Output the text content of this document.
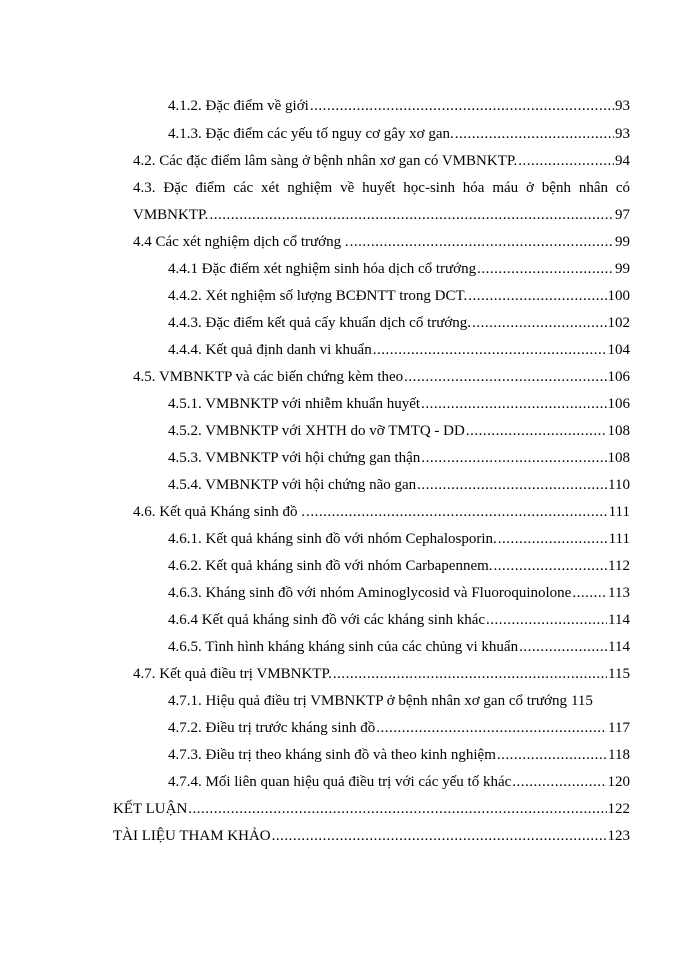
4.1.2. Đặc điểm về giới .....	93
4.1.3. Đặc điểm các yếu tố nguy cơ gây xơ gan. .....	93
4.2. Các đặc điểm lâm sàng ở bệnh nhân xơ gan có VMBNKTP. .....	94
4.3. Đặc điểm các xét nghiệm về huyết học-sinh hóa máu ở bệnh nhân có
VMBNKTP. .....	97
4.4 Các xét nghiệm dịch cổ trướng . .....	99
4.4.1 Đặc điểm xét nghiệm sinh hóa dịch cổ trướng .....	99
4.4.2. Xét nghiệm số lượng BCĐNTT trong DCT. .....	100
4.4.3. Đặc điểm kết quả cấy khuẩn dịch cổ trướng. .....	102
4.4.4. Kết quả định danh vi khuẩn .....	104
4.5. VMBNKTP và các biến chứng kèm theo .....	106
4.5.1. VMBNKTP với nhiễm khuẩn huyết .....	106
4.5.2. VMBNKTP với XHTH do vỡ TMTQ - DD .....	108
4.5.3. VMBNKTP với hội chứng gan thận .....	108
4.5.4. VMBNKTP với hội chứng não gan .....	110
4.6. Kết quả Kháng sinh đồ . .....	111
4.6.1. Kết quả kháng sinh đồ với nhóm Cephalosporin. .....	111
4.6.2. Kết quả kháng sinh đồ với nhóm Carbapennem. .....	112
4.6.3. Kháng sinh đồ với nhóm Aminoglycosid và Fluoroquinolone ..... 113
4.6.4 Kết quả kháng sinh đồ với các kháng sinh khác .....	114
4.6.5. Tình hình kháng kháng sinh của các chủng vi khuẩn .....	114
4.7. Kết quả điều trị VMBNKTP. .....	115
4.7.1. Hiệu quả điều trị VMBNKTP ở bệnh nhân xơ gan cổ trướng 115
4.7.2. Điều trị trước kháng sinh đồ .....	117
4.7.3. Điều trị theo kháng sinh đồ và theo kinh nghiệm .....	118
4.7.4. Mối liên quan hiệu quả điều trị với các yếu tố khác .....	120
KẾT LUẬN .....	122
TÀI LIỆU THAM KHẢO .....	123
